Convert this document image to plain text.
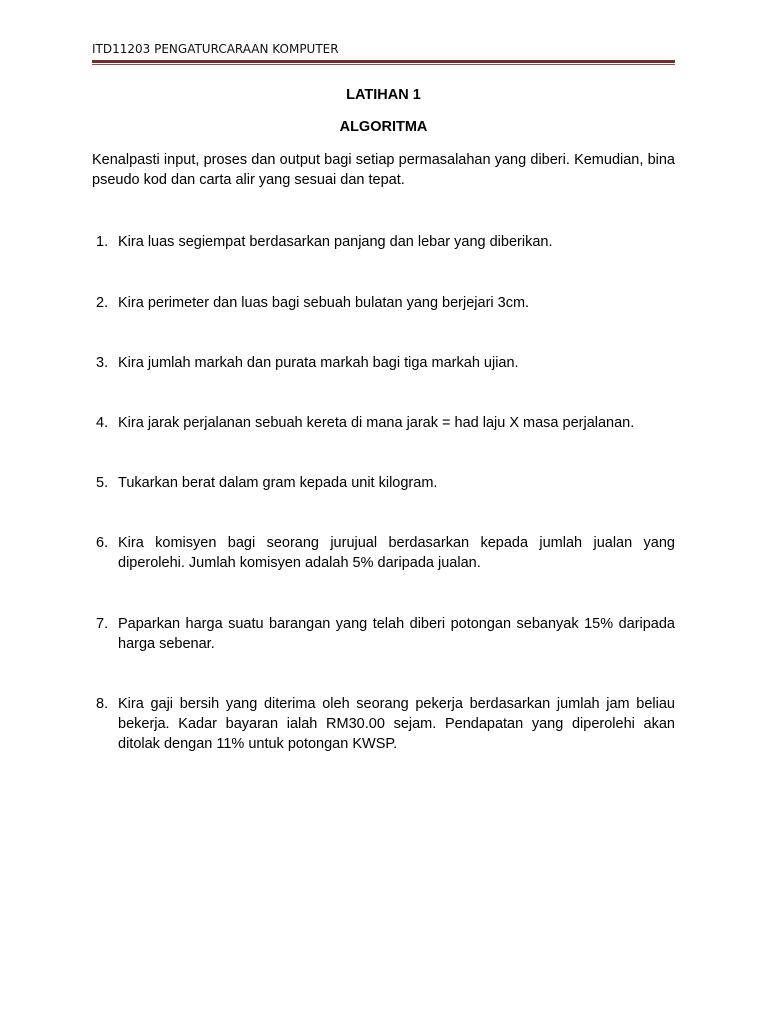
ITD11203 PENGATURCARAAN KOMPUTER
LATIHAN 1
ALGORITMA
Kenalpasti input, proses dan output bagi setiap permasalahan yang diberi. Kemudian, bina pseudo kod dan carta alir yang sesuai dan tepat.
1. Kira luas segiempat berdasarkan panjang dan lebar yang diberikan.
2. Kira perimeter dan luas bagi sebuah bulatan yang berjejari 3cm.
3. Kira jumlah markah dan purata markah bagi tiga markah ujian.
4. Kira jarak perjalanan sebuah kereta di mana jarak = had laju X masa perjalanan.
5. Tukarkan berat dalam gram kepada unit kilogram.
6. Kira komisyen bagi seorang jurujual berdasarkan kepada jumlah jualan yang diperolehi. Jumlah komisyen adalah 5% daripada jualan.
7. Paparkan harga suatu barangan yang telah diberi potongan sebanyak 15% daripada harga sebenar.
8. Kira gaji bersih yang diterima oleh seorang pekerja berdasarkan jumlah jam beliau bekerja. Kadar bayaran ialah RM30.00 sejam. Pendapatan yang diperolehi akan ditolak dengan 11% untuk potongan KWSP.
